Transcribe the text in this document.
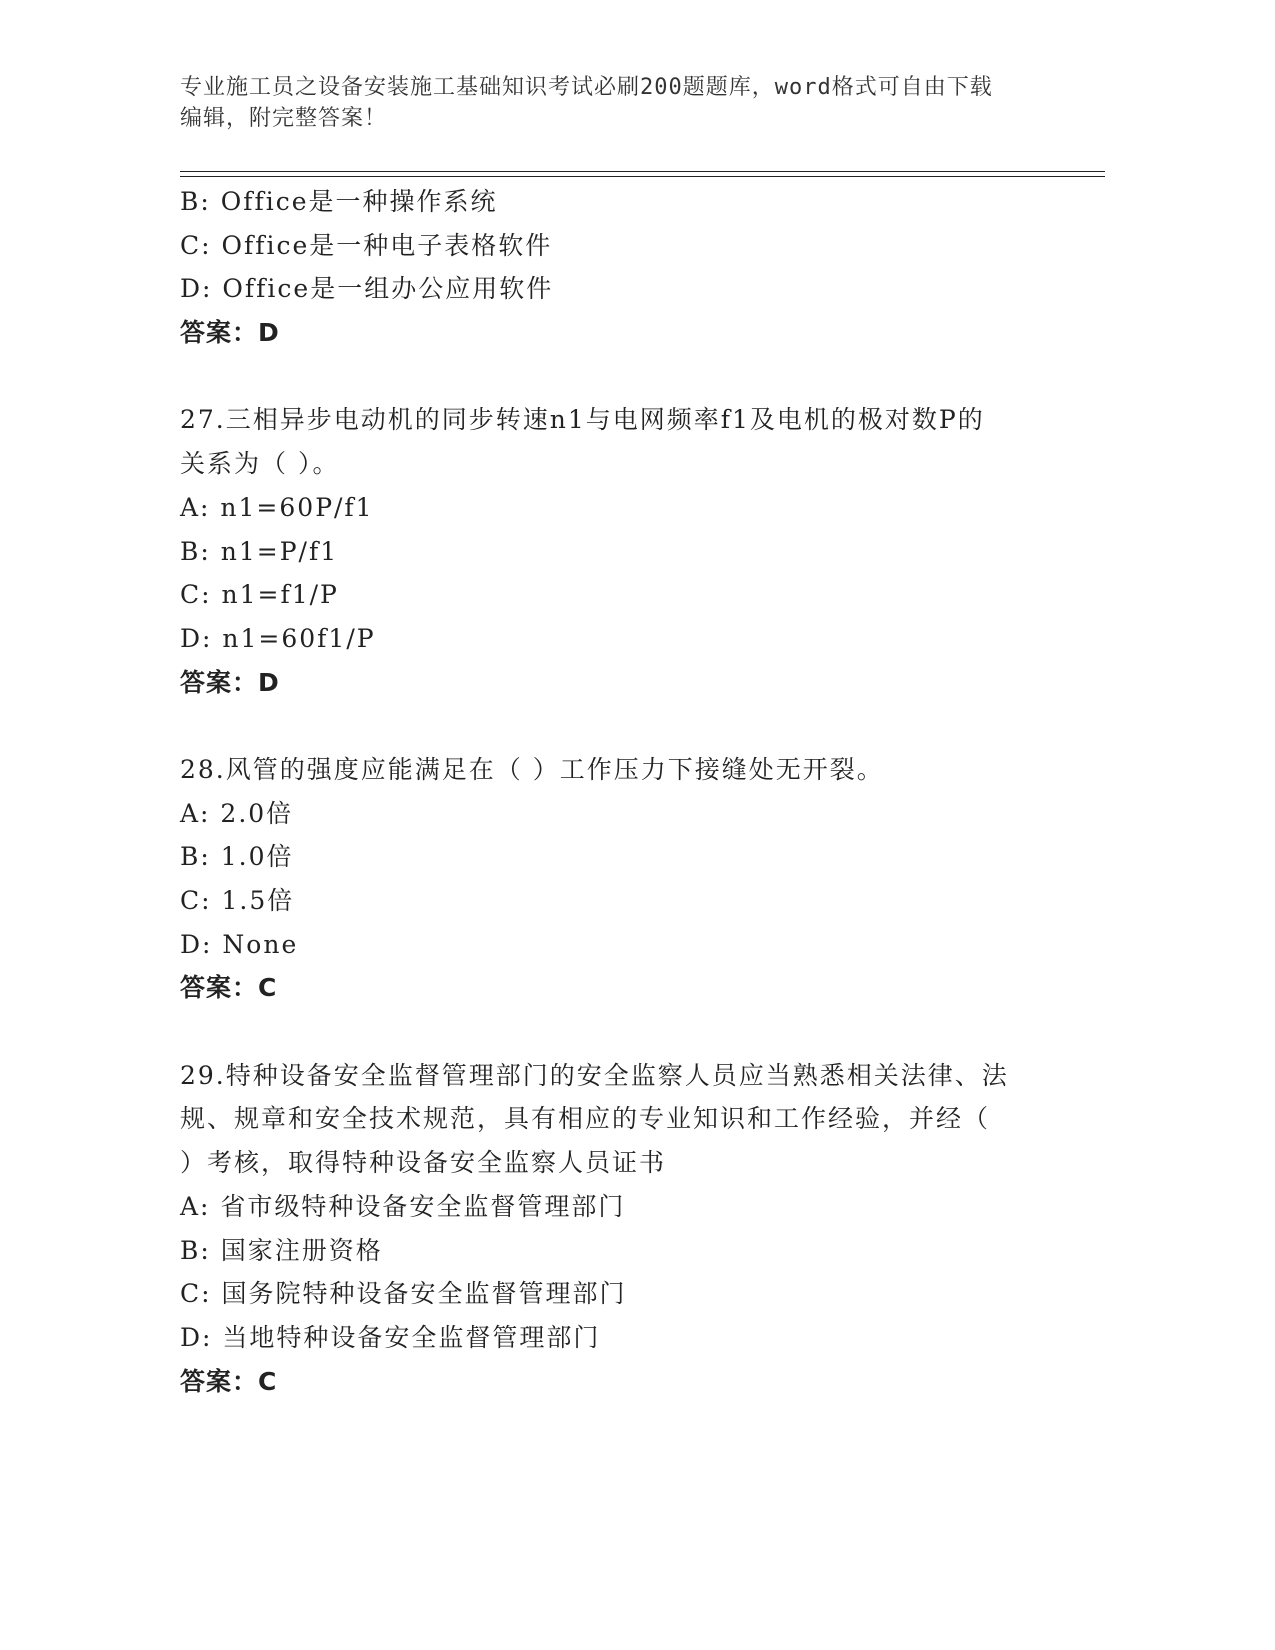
专业施工员之设备安装施工基础知识考试必刷200题题库，word格式可自由下载
编辑，附完整答案！
B: Office是一种操作系统
C: Office是一种电子表格软件
D: Office是一组办公应用软件
答案：D
27.三相异步电动机的同步转速n1与电网频率f1及电机的极对数P的
关系为（ ）。
A: n1=60P/f1
B: n1=P/f1
C: n1=f1/P
D: n1=60f1/P
答案：D
28.风管的强度应能满足在（ ）工作压力下接缝处无开裂。
A: 2.0倍
B: 1.0倍
C: 1.5倍
D: None
答案：C
29.特种设备安全监督管理部门的安全监察人员应当熟悉相关法律、法
规、规章和安全技术规范，具有相应的专业知识和工作经验，并经（
）考核，取得特种设备安全监察人员证书
A: 省市级特种设备安全监督管理部门
B: 国家注册资格
C: 国务院特种设备安全监督管理部门
D: 当地特种设备安全监督管理部门
答案：C
